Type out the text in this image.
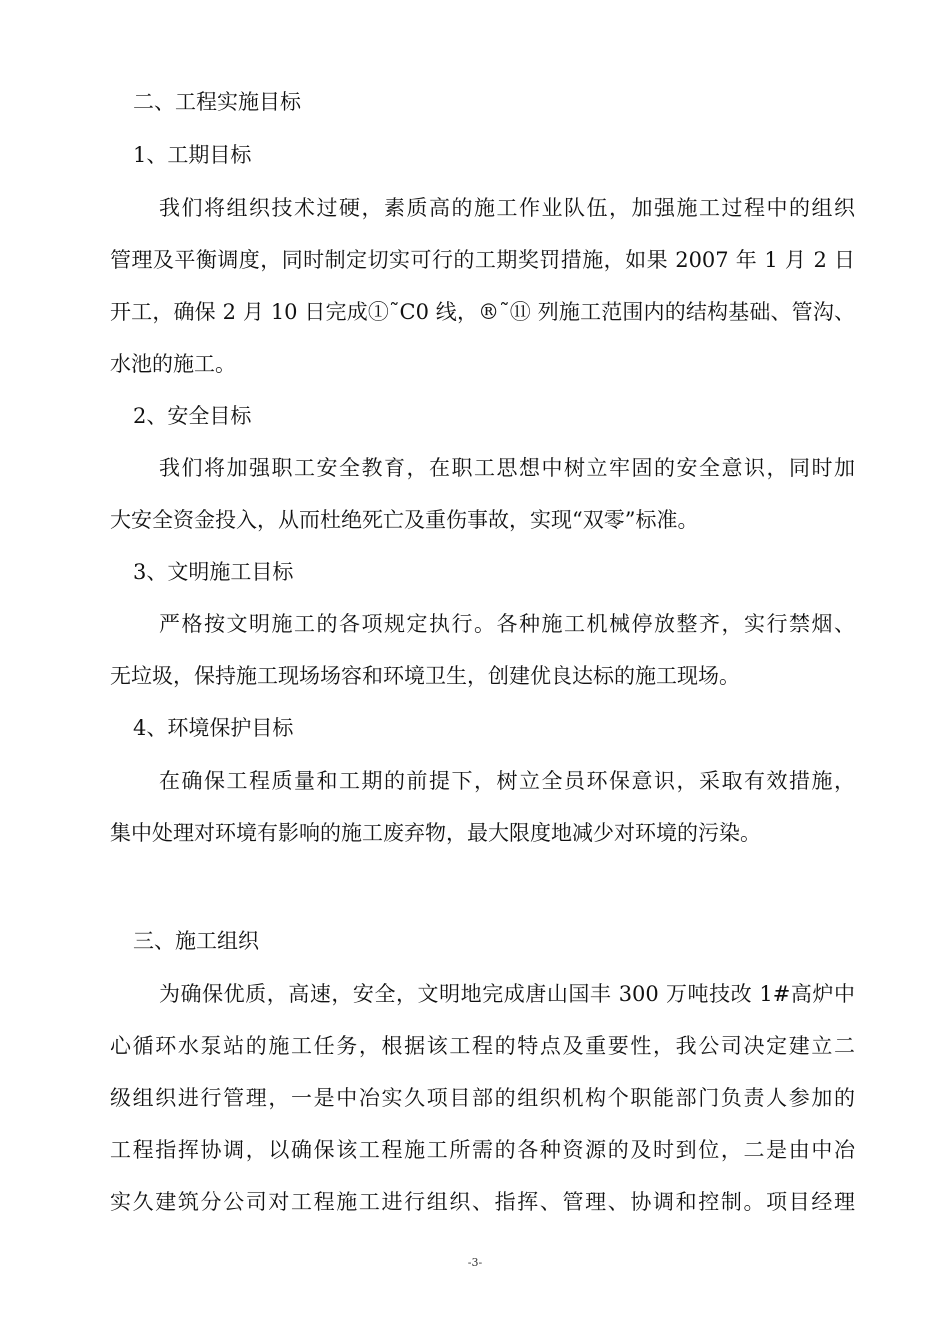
二、工程实施目标
1、工期目标
我们将组织技术过硬，素质高的施工作业队伍，加强施工过程中的组织
管理及平衡调度，同时制定切实可行的工期奖罚措施，如果 2007 年 1 月 2 日
开工，确保 2 月 10 日完成①˜C0 线，®˜⑪ 列施工范围内的结构基础、管沟、
水池的施工。
2、安全目标
我们将加强职工安全教育，在职工思想中树立牢固的安全意识，同时加
大安全资金投入，从而杜绝死亡及重伤事故，实现“双零”标准。
3、文明施工目标
严格按文明施工的各项规定执行。各种施工机械停放整齐，实行禁烟、
无垃圾，保持施工现场场容和环境卫生，创建优良达标的施工现场。
4、环境保护目标
在确保工程质量和工期的前提下，树立全员环保意识，采取有效措施，
集中处理对环境有影响的施工废弃物，最大限度地减少对环境的污染。
三、施工组织
为确保优质，高速，安全，文明地完成唐山国丰 300 万吨技改 1#高炉中
心循环水泵站的施工任务，根据该工程的特点及重要性，我公司决定建立二
级组织进行管理，一是中冶实久项目部的组织机构个职能部门负责人参加的
工程指挥协调，以确保该工程施工所需的各种资源的及时到位，二是由中冶
实久建筑分公司对工程施工进行组织、指挥、管理、协调和控制。项目经理
-3-
